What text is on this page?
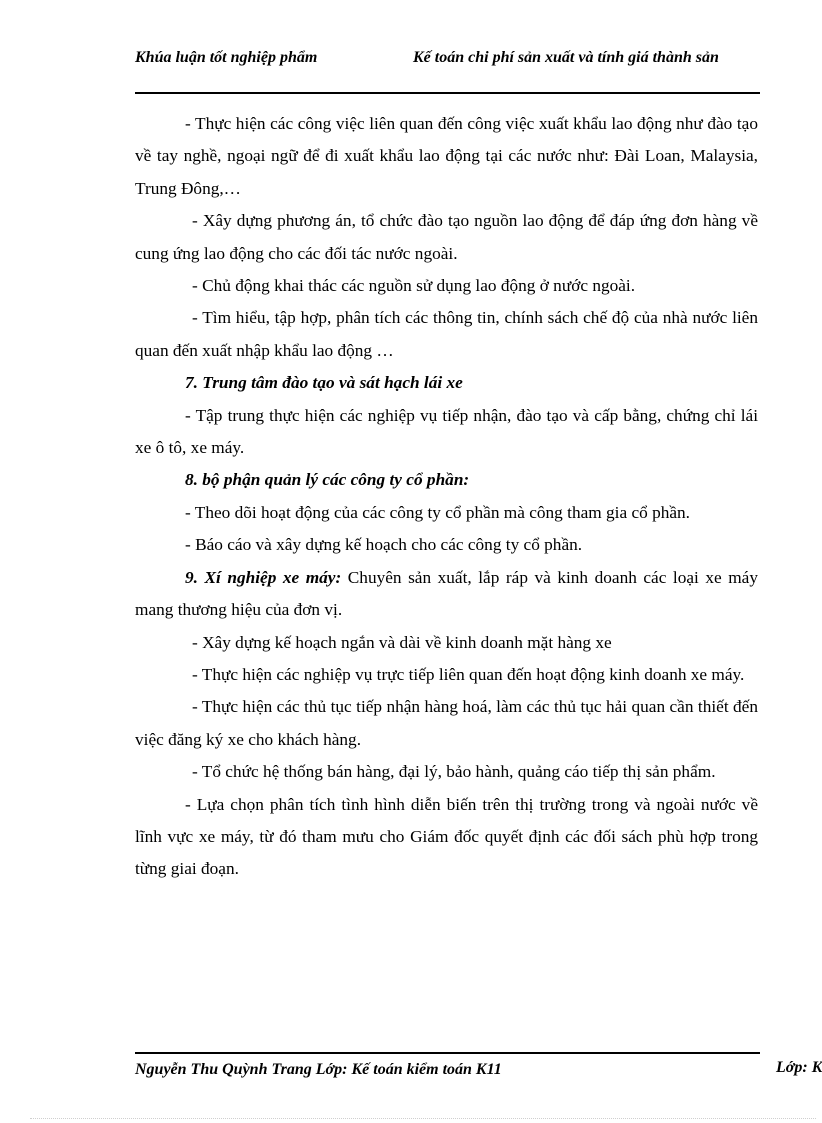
Khúa luận tốt nghiệp phẩm	Kế toán chi phí sản xuất và tính giá thành sản

- Thực hiện các công việc liên quan đến công việc xuất khẩu lao động như đào tạo về tay nghề, ngoại ngữ để đi xuất khẩu lao động tại các nước như: Đài Loan, Malaysia, Trung Đông,…

- Xây dựng phương án, tổ chức đào tạo nguồn lao động để đáp ứng đơn hàng về cung ứng lao động cho các đối tác nước ngoài.

- Chủ động khai thác các nguồn sử dụng lao động ở nước ngoài.

- Tìm hiểu, tập hợp, phân tích các thông tin, chính sách chế độ của nhà nước liên quan đến xuất nhập khẩu lao động …

7. Trung tâm đào tạo và sát hạch lái xe

- Tập trung thực hiện các nghiệp vụ tiếp nhận, đào tạo và cấp bằng, chứng chỉ lái xe ô tô, xe máy.

8. bộ phận quản lý các công ty cổ phần:

- Theo dõi hoạt động của các công ty cổ phần mà công tham gia cổ phần.

- Báo cáo và xây dựng kế hoạch cho các công ty cổ phần.

9. Xí nghiệp xe máy: Chuyên sản xuất, lắp ráp và kinh doanh các loại xe máy mang thương hiệu của đơn vị.

- Xây dựng kế hoạch ngắn và dài về kinh doanh mặt hàng xe

- Thực hiện các nghiệp vụ trực tiếp liên quan đến hoạt động kinh doanh xe máy.

- Thực hiện các thủ tục tiếp nhận hàng hoá, làm các thủ tục hải quan cần thiết đến việc đăng ký xe cho khách hàng.

- Tổ chức hệ thống bán hàng, đại lý, bảo hành, quảng cáo tiếp thị sản phẩm.

- Lựa chọn phân tích tình hình diễn biến trên thị trường trong và ngoài nước về lĩnh vực xe máy, từ đó tham mưu cho Giám đốc quyết định các đối sách phù hợp trong từng giai đoạn.

Nguyễn Thu Quỳnh Trang Lớp: Kế toán kiểm toán K11	Lớp: K
